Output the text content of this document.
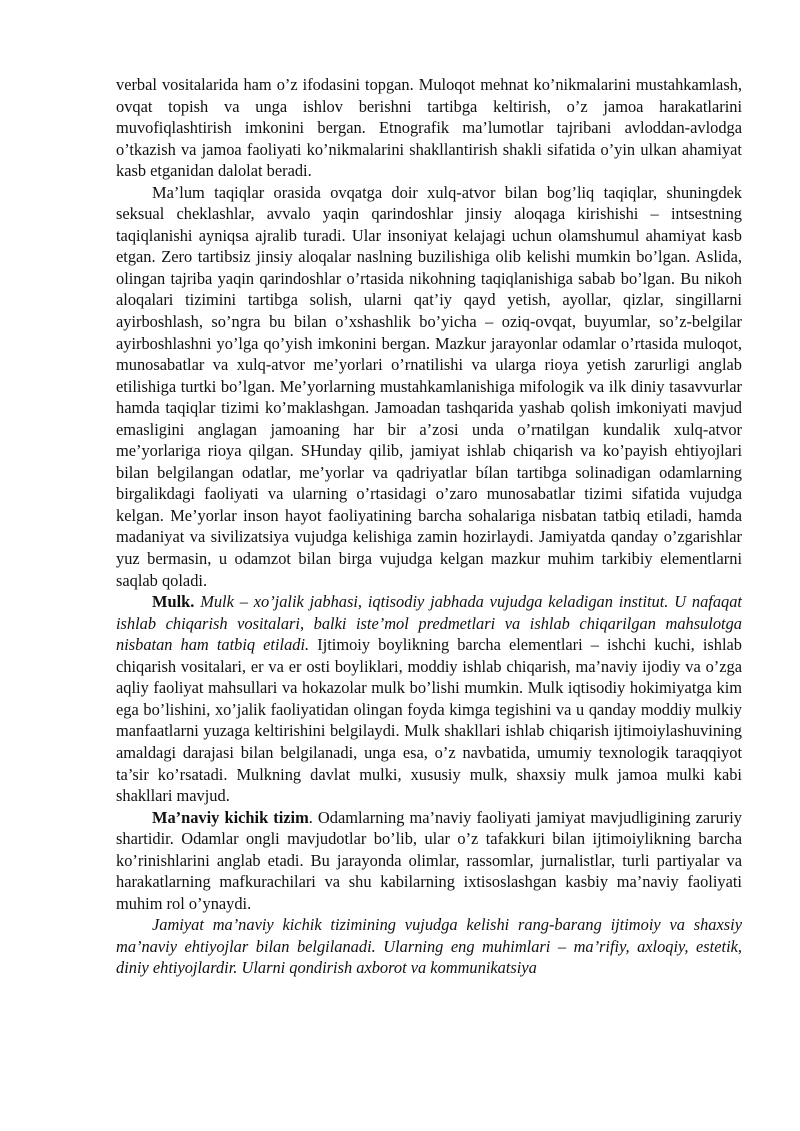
verbal vositalarida ham o’z ifodasini topgan. Muloqot mehnat ko’nikmalarini mustahkamlash, ovqat topish va unga ishlov berishni tartibga keltirish, o’z jamoa harakatlarini muvofiqlashtirish imkonini bergan. Etnografik ma’lumotlar tajribani avloddan-avlodga o’tkazish va jamoa faoliyati ko’nikmalarini shakllantirish shakli sifatida o’yin ulkan ahamiyat kasb etganidan dalolat beradi.

Ma’lum taqiqlar orasida ovqatga doir xulq-atvor bilan bog’liq taqiqlar, shuningdek seksual cheklashlar, avvalo yaqin qarindoshlar jinsiy aloqaga kirishishi – intsestning taqiqlanishi ayniqsa ajralib turadi. Ular insoniyat kelajagi uchun olamshumul ahamiyat kasb etgan. Zero tartibsiz jinsiy aloqalar naslning buzilishiga olib kelishi mumkin bo’lgan. Aslida, olingan tajriba yaqin qarindoshlar o’rtasida nikohning taqiqlanishiga sabab bo’lgan. Bu nikoh aloqalari tizimini tartibga solish, ularni qat’iy qayd yetish, ayollar, qizlar, singillarni ayirboshlash, so’ngra bu bilan o’xshashlik bo’yicha – oziq-ovqat, buyumlar, so’z-belgilar ayirboshlashni yo’lga qo’yish imkonini bergan. Mazkur jarayonlar odamlar o’rtasida muloqot, munosabatlar va xulq-atvor me’yorlari o’rnatilishi va ularga rioya yetish zarurligi anglab etilishiga turtki bo’lgan. Me’yorlarning mustahkamlanishiga mifologik va ilk diniy tasavvurlar hamda taqiqlar tizimi ko’maklashgan. Jamoadan tashqarida yashab qolish imkoniyati mavjud emasligini anglagan jamoaning har bir a’zosi unda o’rnatilgan kundalik xulq-atvor me’yorlariga rioya qilgan. SHunday qilib, jamiyat ishlab chiqarish va ko’payish ehtiyojlari bilan belgilangan odatlar, me’yorlar va qadriyatlar bílan tartibga solinadigan odamlarning birgalikdagi faoliyati va ularning o’rtasidagi o’zaro munosabatlar tizimi sifatida vujudga kelgan. Me’yorlar inson hayot faoliyatining barcha sohalariga nisbatan tatbiq etiladi, hamda madaniyat va sivilizatsiya vujudga kelishiga zamin hozirlaydi. Jamiyatda qanday o’zgarishlar yuz bermasin, u odamzot bilan birga vujudga kelgan mazkur muhim tarkibiy elementlarni saqlab qoladi.

Mulk. Mulk – xo’jalik jabhasi, iqtisodiy jabhada vujudga keladigan institut. U nafaqat ishlab chiqarish vositalari, balki iste’mol predmetlari va ishlab chiqarilgan mahsulotga nisbatan ham tatbiq etiladi. Ijtimoiy boylikning barcha elementlari – ishchi kuchi, ishlab chiqarish vositalari, er va er osti boyliklari, moddiy ishlab chiqarish, ma’naviy ijodiy va o’zga aqliy faoliyat mahsullari va hokazolar mulk bo’lishi mumkin. Mulk iqtisodiy hokimiyatga kim ega bo’lishini, xo’jalik faoliyatidan olingan foyda kimga tegishini va u qanday moddiy mulkiy manfaatlarni yuzaga keltirishini belgilaydi. Mulk shakllari ishlab chiqarish ijtimoiylashuvining amaldagi darajasi bilan belgilanadi, unga esa, o’z navbatida, umumiy texnologik taraqqiyot ta’sir ko’rsatadi. Mulkning davlat mulki, xususiy mulk, shaxsiy mulk jamoa mulki kabi shakllari mavjud.

Ma’naviy kichik tizim. Odamlarning ma’naviy faoliyati jamiyat mavjudligining zaruriy shartidir. Odamlar ongli mavjudotlar bo’lib, ular o’z tafakkuri bilan ijtimoiylikning barcha ko’rinishlarini anglab etadi. Bu jarayonda olimlar, rassomlar, jurnalistlar, turli partiyalar va harakatlarning mafkurachilari va shu kabilarning ixtisoslashgan kasbiy ma’naviy faoliyati muhim rol o’ynaydi.

Jamiyat ma’naviy kichik tizimining vujudga kelishi rang-barang ijtimoiy va shaxsiy ma’naviy ehtiyojlar bilan belgilanadi. Ularning eng muhimlari – ma’rifiy, axloqiy, estetik, diniy ehtiyojlardir. Ularni qondirish axborot va kommunikatsiya
